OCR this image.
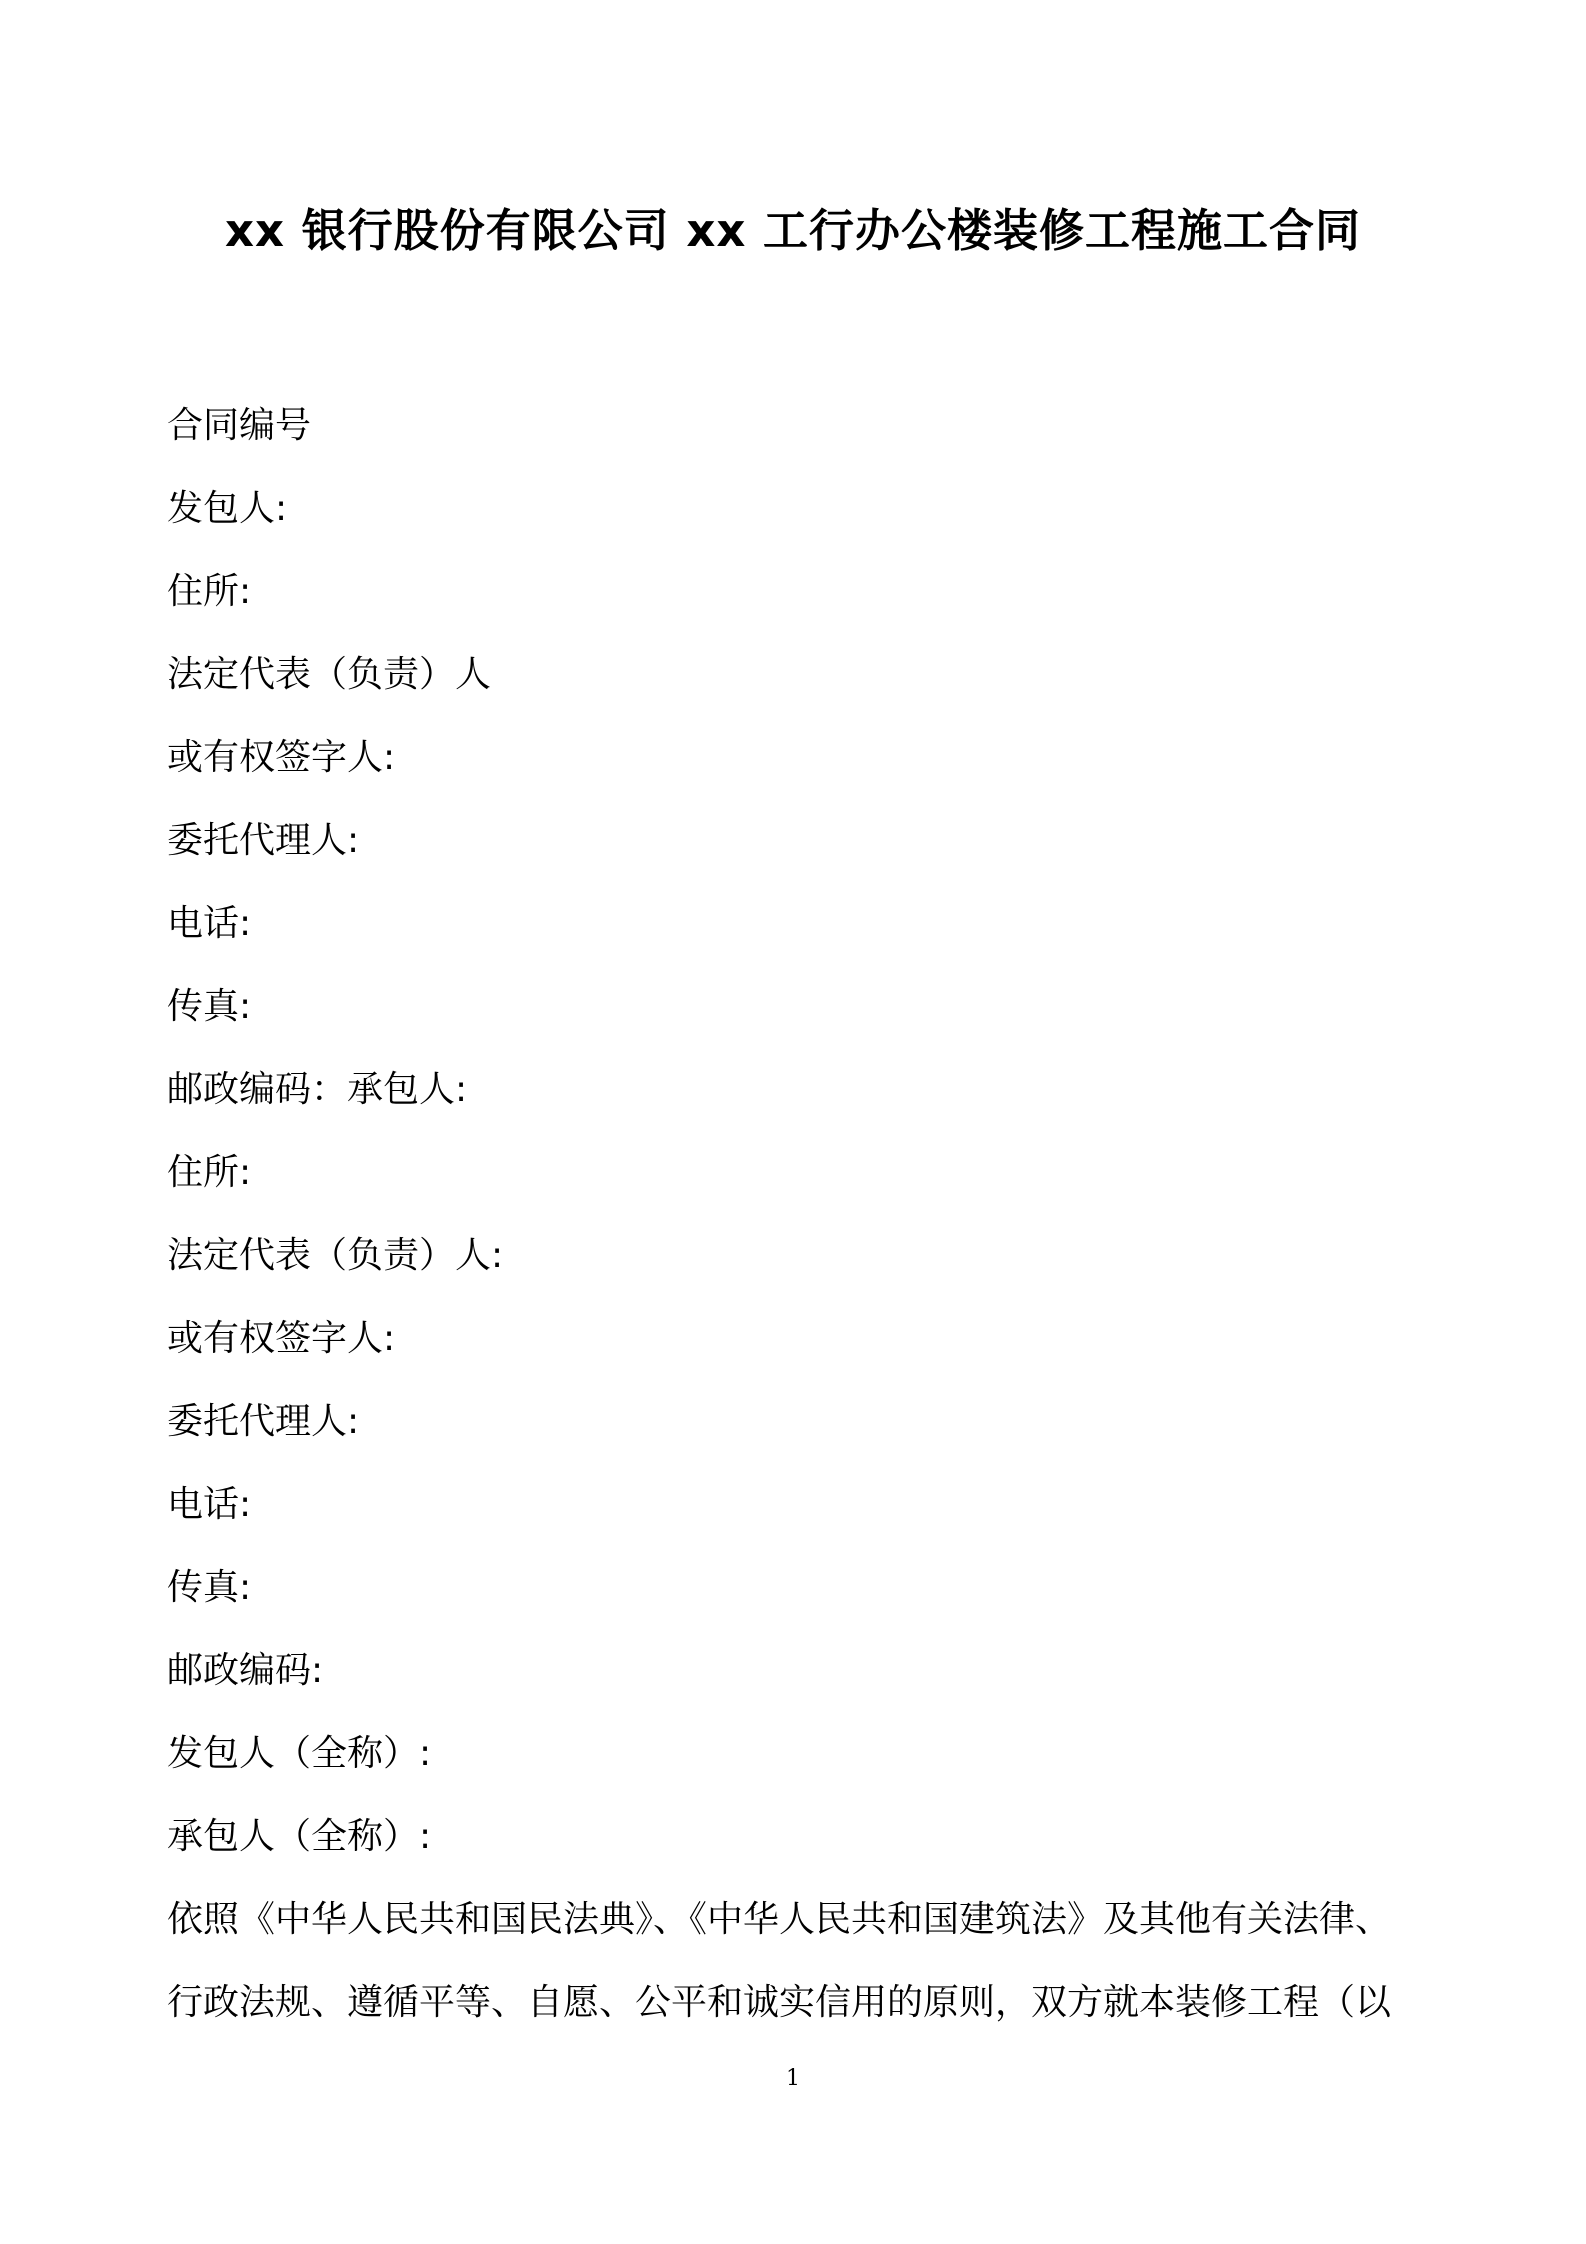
xx 银行股份有限公司 xx 工行办公楼装修工程施工合同
合同编号
发包人:
住所:
法定代表（负责）人
或有权签字人:
委托代理人:
电话:
传真:
邮政编码：承包人:
住所:
法定代表（负责）人:
或有权签字人:
委托代理人:
电话:
传真:
邮政编码:
发包人（全称）:
承包人（全称）:
依照《中华人民共和国民法典》、《中华人民共和国建筑法》及其他有关法律、
行政法规、遵循平等、自愿、公平和诚实信用的原则，双方就本装修工程（以
1
